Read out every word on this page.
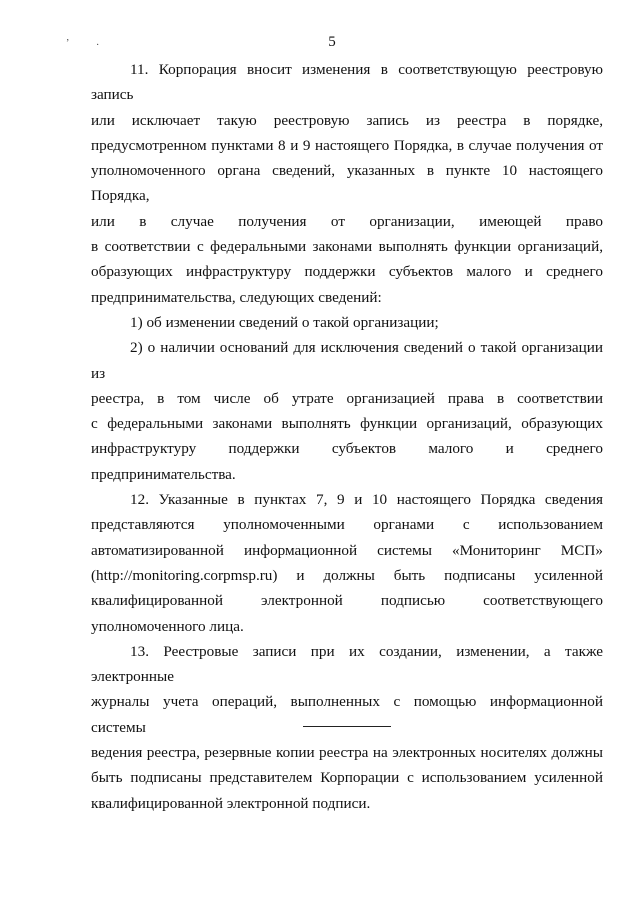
ʼ	·	5

11. Корпорация вносит изменения в соответствующую реестровую запись

или исключает такую реестровую запись из реестра в порядке,

предусмотренном пунктами 8 и 9 настоящего Порядка, в случае получения от

уполномоченного органа сведений, указанных в пункте 10 настоящего Порядка,

или в случае получения от организации, имеющей право

в соответствии с федеральными законами выполнять функции организаций,

образующих инфраструктуру поддержки субъектов малого и среднего

предпринимательства, следующих сведений:

1) об изменении сведений о такой организации;

2) о наличии оснований для исключения сведений о такой организации из

реестра, в том числе об утрате организацией права в соответствии

с федеральными законами выполнять функции организаций, образующих

инфраструктуру поддержки субъектов малого и среднего предпринимательства.

12. Указанные в пунктах 7, 9 и 10 настоящего Порядка сведения

представляются уполномоченными органами с использованием

автоматизированной информационной системы «Мониторинг МСП»

(http://monitoring.corpmsp.ru) и должны быть подписаны усиленной

квалифицированной электронной подписью соответствующего

уполномоченного лица.

13. Реестровые записи при их создании, изменении, а также электронные

журналы учета операций, выполненных с помощью информационной системы

ведения реестра, резервные копии реестра на электронных носителях должны

быть подписаны представителем Корпорации с использованием усиленной

квалифицированной электронной подписи.
